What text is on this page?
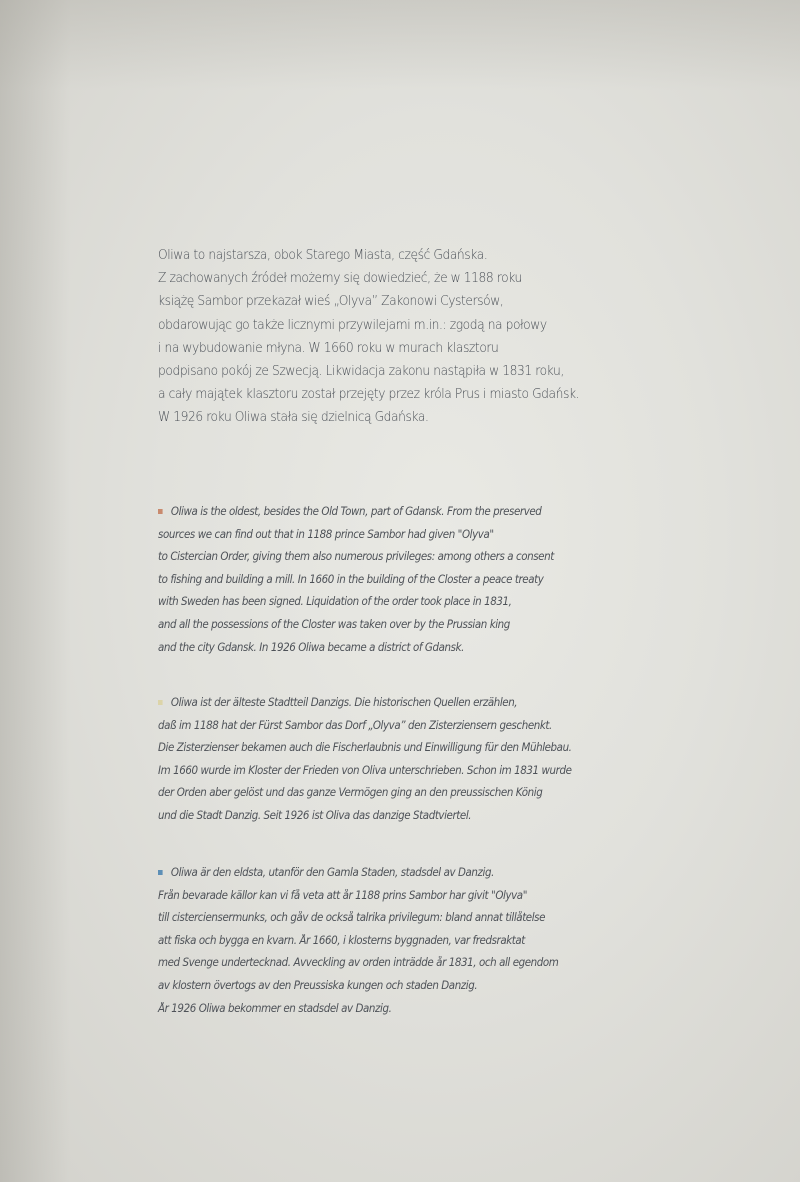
Oliwa to najstarsza, obok Starego Miasta, część Gdańska.
Z zachowanych źródeł możemy się dowiedzieć, że w 1188 roku
książę Sambor przekazał wieś „Olyva” Zakonowi Cystersów,
obdarowując go także licznymi przywilejami m.in.: zgodą na połowy
i na wybudowanie młyna. W 1660 roku w murach klasztoru
podpisano pokój ze Szwecją. Likwidacja zakonu nastąpiła w 1831 roku,
a cały majątek klasztoru został przejęty przez króla Prus i miasto Gdańsk.
W 1926 roku Oliwa stała się dzielnicą Gdańska.
Oliwa is the oldest, besides the Old Town, part of Gdansk. From the preserved
sources we can find out that in 1188 prince Sambor had given "Olyva"
to Cistercian Order, giving them also numerous privileges: among others a consent
to fishing and building a mill. In 1660 in the building of the Closter a peace treaty
with Sweden has been signed. Liquidation of the order took place in 1831,
and all the possessions of the Closter was taken over by the Prussian king
and the city Gdansk. In 1926 Oliwa became a district of Gdansk.
Oliwa ist der älteste Stadtteil Danzigs. Die historischen Quellen erzählen,
daß im 1188 hat der Fürst Sambor das Dorf „Olyva” den Zisterziensern geschenkt.
Die Zisterzienser bekamen auch die Fischerlaubnis und Einwilligung für den Mühlebau.
Im 1660 wurde im Kloster der Frieden von Oliva unterschrieben. Schon im 1831 wurde
der Orden aber gelöst und das ganze Vermögen ging an den preussischen König
und die Stadt Danzig. Seit 1926 ist Oliva das danzige Stadtviertel.
Oliwa är den eldsta, utanför den Gamla Staden, stadsdel av Danzig.
Från bevarade källor kan vi få veta att år 1188 prins Sambor har givit "Olyva"
till cisterciensermunks, och gåv de också talrika privilegum: bland annat tillåtelse
att fiska och bygga en kvarn. År 1660, i klosterns byggnaden, var fredsraktat
med Svenge undertecknad. Avveckling av orden inträdde år 1831, och all egendom
av klostern övertogs av den Preussiska kungen och staden Danzig.
År 1926 Oliwa bekommer en stadsdel av Danzig.
